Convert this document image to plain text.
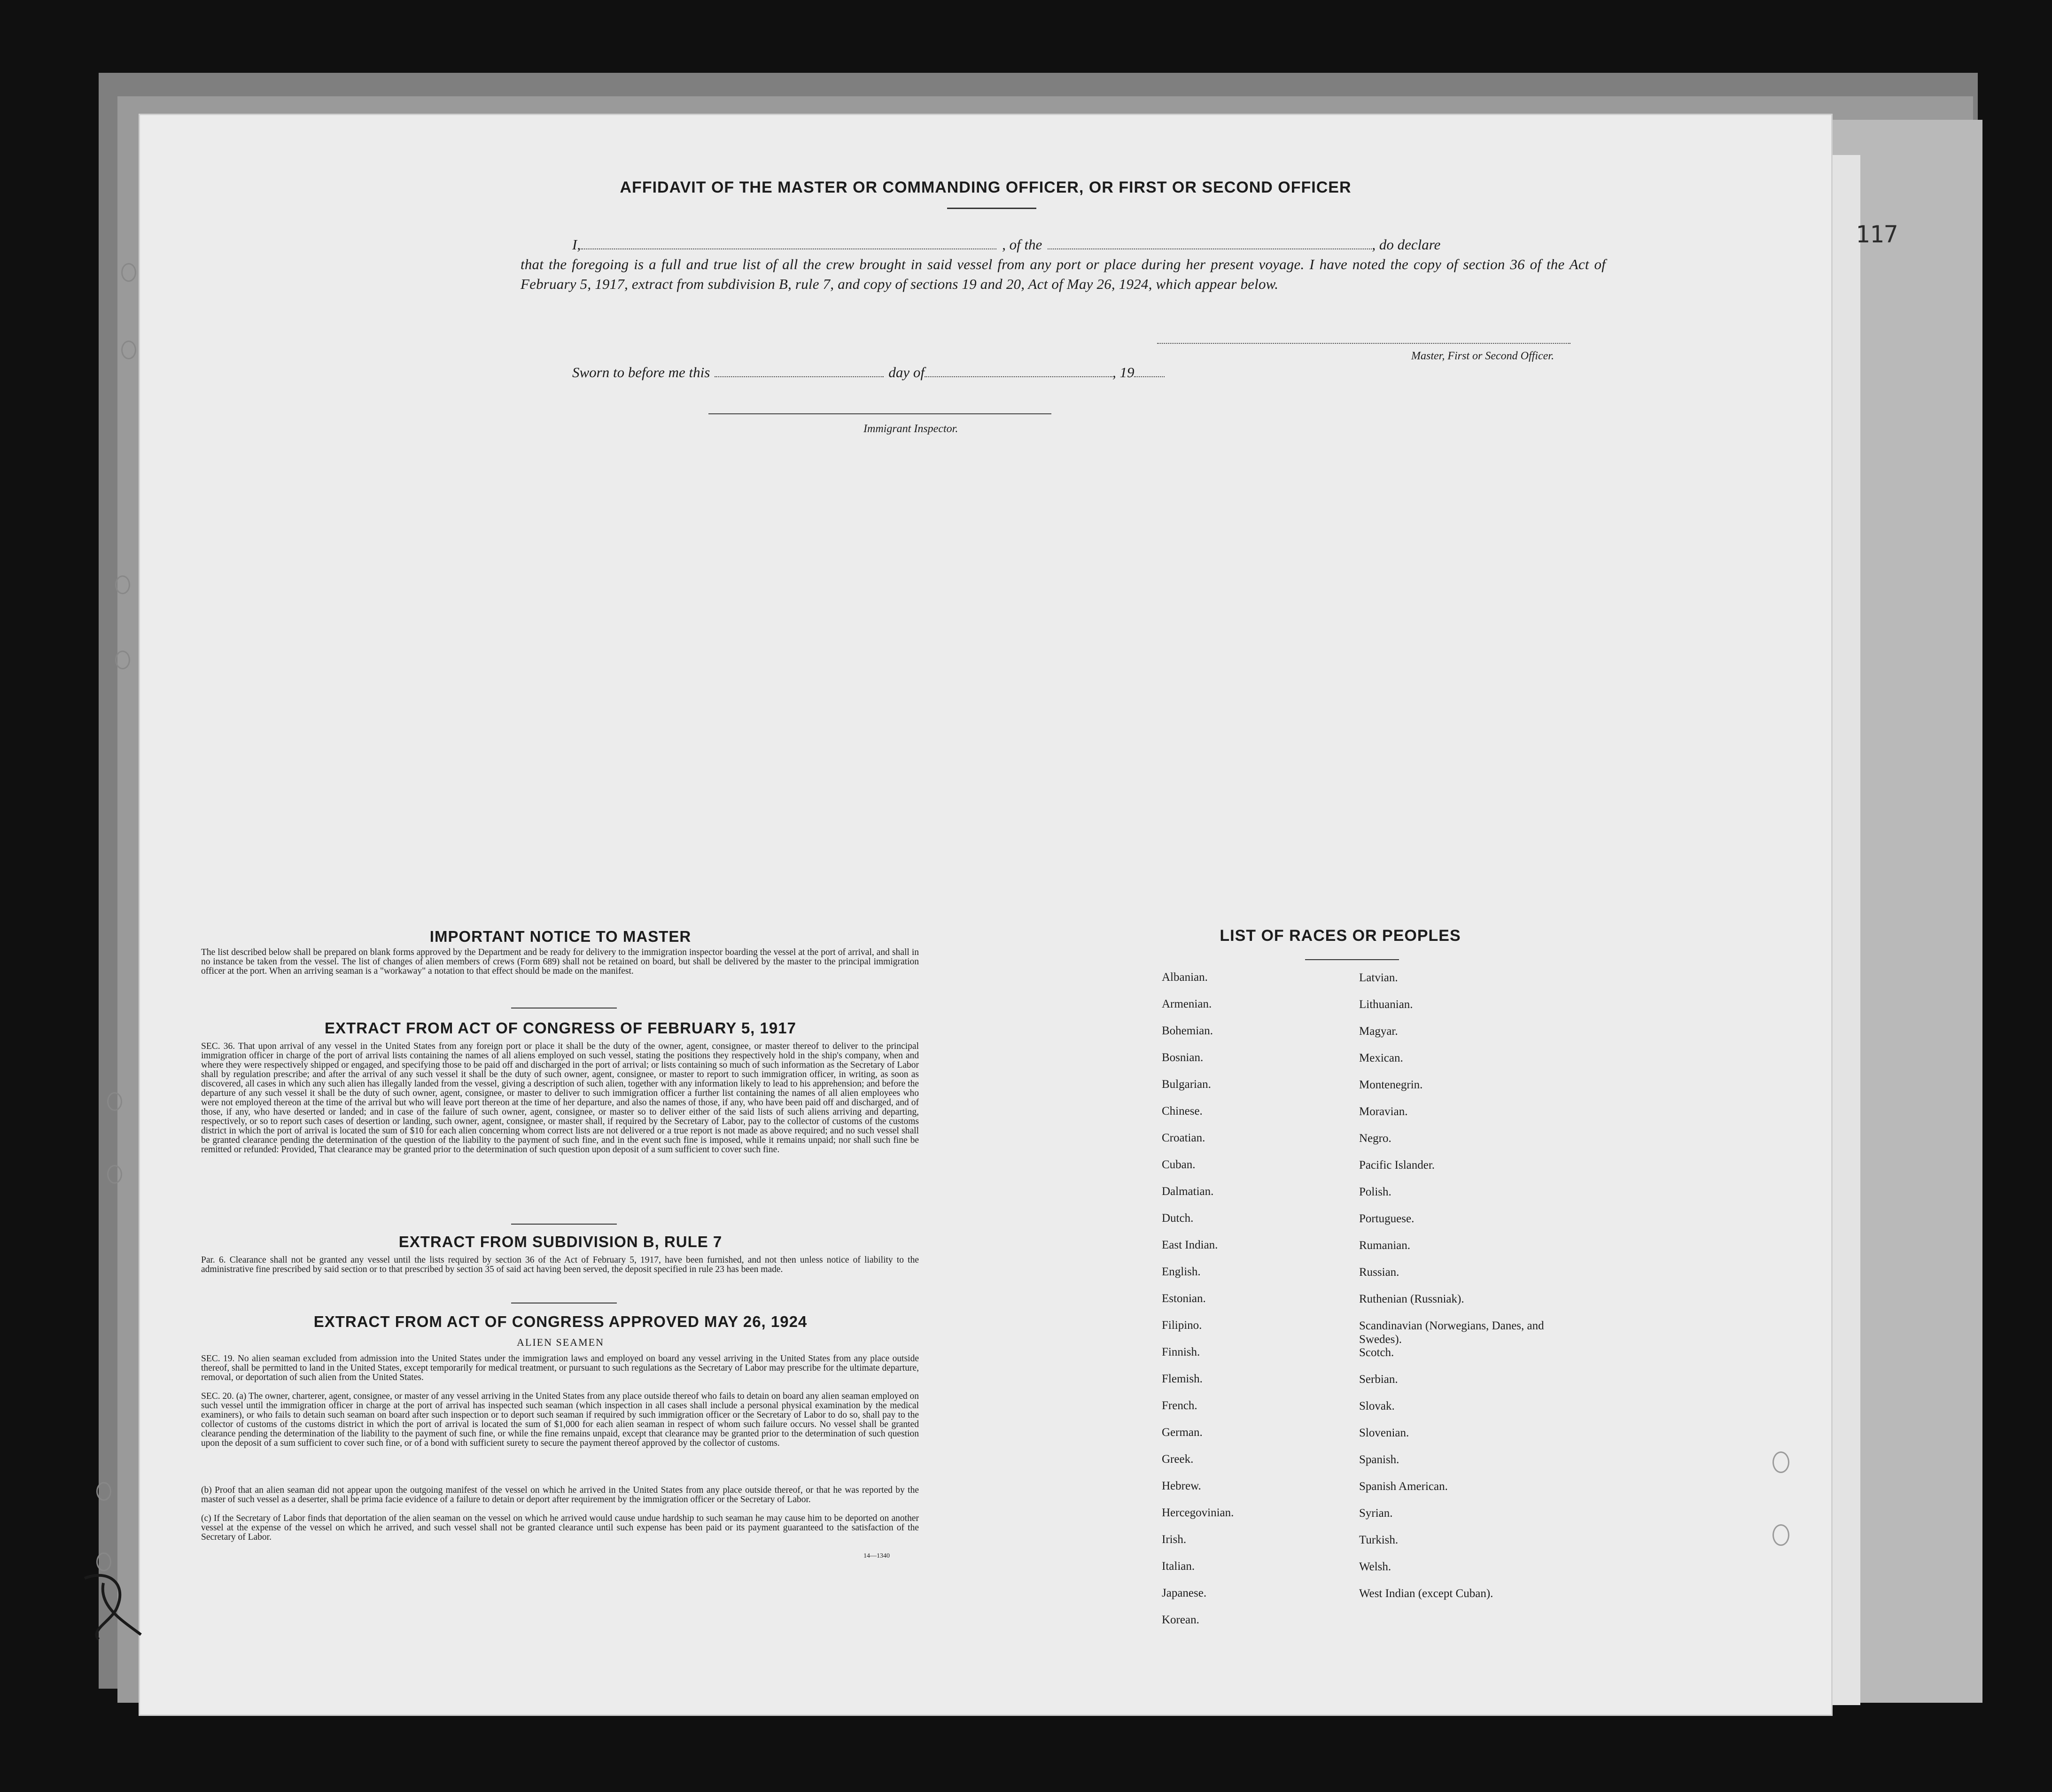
117
AFFIDAVIT OF THE MASTER OR COMMANDING OFFICER, OR FIRST OR SECOND OFFICER
I,	, of the	, do declare
that the foregoing is a full and true list of all the crew brought in said vessel from any port or place during her present voyage. I have noted the copy of section 36 of the Act of February 5, 1917, extract from subdivision B, rule 7, and copy of sections 19 and 20, Act of May 26, 1924, which appear below.
Master, First or Second Officer.
Sworn to before me this	day of	, 19
Immigrant Inspector.
IMPORTANT NOTICE TO MASTER
The list described below shall be prepared on blank forms approved by the Department and be ready for delivery to the immigration inspector boarding the vessel at the port of arrival, and shall in no instance be taken from the vessel. The list of changes of alien members of crews (Form 689) shall not be retained on board, but shall be delivered by the master to the principal immigration officer at the port. When an arriving seaman is a "workaway" a notation to that effect should be made on the manifest.
EXTRACT FROM ACT OF CONGRESS OF FEBRUARY 5, 1917
SEC. 36. That upon arrival of any vessel in the United States from any foreign port or place it shall be the duty of the owner, agent, consignee, or master thereof to deliver to the principal immigration officer in charge of the port of arrival lists containing the names of all aliens employed on such vessel, stating the positions they respectively hold in the ship's company, when and where they were respectively shipped or engaged, and specifying those to be paid off and discharged in the port of arrival; or lists containing so much of such information as the Secretary of Labor shall by regulation prescribe; and after the arrival of any such vessel it shall be the duty of such owner, agent, consignee, or master to report to such immigration officer, in writing, as soon as discovered, all cases in which any such alien has illegally landed from the vessel, giving a description of such alien, together with any information likely to lead to his apprehension; and before the departure of any such vessel it shall be the duty of such owner, agent, consignee, or master to deliver to such immigration officer a further list containing the names of all alien employees who were not employed thereon at the time of the arrival but who will leave port thereon at the time of her departure, and also the names of those, if any, who have been paid off and discharged, and of those, if any, who have deserted or landed; and in case of the failure of such owner, agent, consignee, or master so to deliver either of the said lists of such aliens arriving and departing, respectively, or so to report such cases of desertion or landing, such owner, agent, consignee, or master shall, if required by the Secretary of Labor, pay to the collector of customs of the customs district in which the port of arrival is located the sum of $10 for each alien concerning whom correct lists are not delivered or a true report is not made as above required; and no such vessel shall be granted clearance pending the determination of the question of the liability to the payment of such fine, and in the event such fine is imposed, while it remains unpaid; nor shall such fine be remitted or refunded: Provided, That clearance may be granted prior to the determination of such question upon deposit of a sum sufficient to cover such fine.
EXTRACT FROM SUBDIVISION B, RULE 7
Par. 6. Clearance shall not be granted any vessel until the lists required by section 36 of the Act of February 5, 1917, have been furnished, and not then unless notice of liability to the administrative fine prescribed by said section or to that prescribed by section 35 of said act having been served, the deposit specified in rule 23 has been made.
EXTRACT FROM ACT OF CONGRESS APPROVED MAY 26, 1924
ALIEN SEAMEN
SEC. 19. No alien seaman excluded from admission into the United States under the immigration laws and employed on board any vessel arriving in the United States from any place outside thereof, shall be permitted to land in the United States, except temporarily for medical treatment, or pursuant to such regulations as the Secretary of Labor may prescribe for the ultimate departure, removal, or deportation of such alien from the United States.
SEC. 20. (a) The owner, charterer, agent, consignee, or master of any vessel arriving in the United States from any place outside thereof who fails to detain on board any alien seaman employed on such vessel until the immigration officer in charge at the port of arrival has inspected such seaman (which inspection in all cases shall include a personal physical examination by the medical examiners), or who fails to detain such seaman on board after such inspection or to deport such seaman if required by such immigration officer or the Secretary of Labor to do so, shall pay to the collector of customs of the customs district in which the port of arrival is located the sum of $1,000 for each alien seaman in respect of whom such failure occurs. No vessel shall be granted clearance pending the determination of the liability to the payment of such fine, or while the fine remains unpaid, except that clearance may be granted prior to the determination of such question upon the deposit of a sum sufficient to cover such fine, or of a bond with sufficient surety to secure the payment thereof approved by the collector of customs.
(b) Proof that an alien seaman did not appear upon the outgoing manifest of the vessel on which he arrived in the United States from any place outside thereof, or that he was reported by the master of such vessel as a deserter, shall be prima facie evidence of a failure to detain or deport after requirement by the immigration officer or the Secretary of Labor.
(c) If the Secretary of Labor finds that deportation of the alien seaman on the vessel on which he arrived would cause undue hardship to such seaman he may cause him to be deported on another vessel at the expense of the vessel on which he arrived, and such vessel shall not be granted clearance until such expense has been paid or its payment guaranteed to the satisfaction of the Secretary of Labor.
14—1340
LIST OF RACES OR PEOPLES
Albanian.	Latvian.
Armenian.	Lithuanian.
Bohemian.	Magyar.
Bosnian.	Mexican.
Bulgarian.	Montenegrin.
Chinese.	Moravian.
Croatian.	Negro.
Cuban.	Pacific Islander.
Dalmatian.	Polish.
Dutch.	Portuguese.
East Indian.	Rumanian.
English.	Russian.
Estonian.	Ruthenian (Russniak).
Filipino.	Scandinavian (Norwegians, Danes, and Swedes).
Finnish.	Scotch.
Flemish.	Serbian.
French.	Slovak.
German.	Slovenian.
Greek.	Spanish.
Hebrew.	Spanish American.
Hercegovinian.	Syrian.
Irish.	Turkish.
Italian.	Welsh.
Japanese.	West Indian (except Cuban).
Korean.
